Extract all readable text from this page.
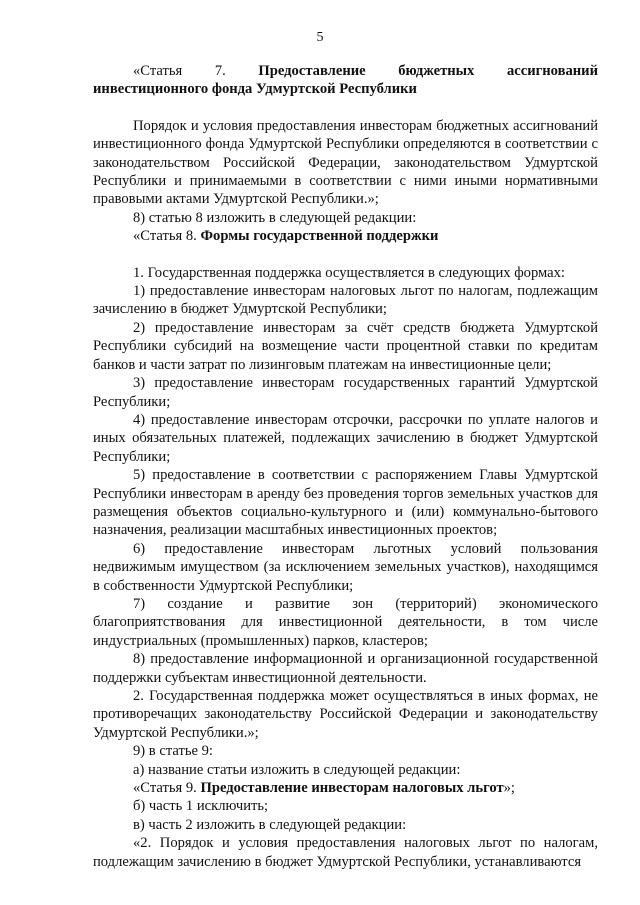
5

«Статья 7. Предоставление бюджетных ассигнований инвестиционного фонда Удмуртской Республики

Порядок и условия предоставления инвесторам бюджетных ассигнований инвестиционного фонда Удмуртской Республики определяются в соответствии с законодательством Российской Федерации, законодательством Удмуртской Республики и принимаемыми в соответствии с ними иными нормативными правовыми актами Удмуртской Республики.»;

8) статью 8 изложить в следующей редакции:

«Статья 8. Формы государственной поддержки

1. Государственная поддержка осуществляется в следующих формах:

1) предоставление инвесторам налоговых льгот по налогам, подлежащим зачислению в бюджет Удмуртской Республики;

2) предоставление инвесторам за счёт средств бюджета Удмуртской Республики субсидий на возмещение части процентной ставки по кредитам банков и части затрат по лизинговым платежам на инвестиционные цели;

3) предоставление инвесторам государственных гарантий Удмуртской Республики;

4) предоставление инвесторам отсрочки, рассрочки по уплате налогов и иных обязательных платежей, подлежащих зачислению в бюджет Удмуртской Республики;

5) предоставление в соответствии с распоряжением Главы Удмуртской Республики инвесторам в аренду без проведения торгов земельных участков для размещения объектов социально-культурного и (или) коммунально-бытового назначения, реализации масштабных инвестиционных проектов;

6) предоставление инвесторам льготных условий пользования недвижимым имуществом (за исключением земельных участков), находящимся в собственности Удмуртской Республики;

7) создание и развитие зон (территорий) экономического благоприятствования для инвестиционной деятельности, в том числе индустриальных (промышленных) парков, кластеров;

8) предоставление информационной и организационной государственной поддержки субъектам инвестиционной деятельности.

2. Государственная поддержка может осуществляться в иных формах, не противоречащих законодательству Российской Федерации и законодательству Удмуртской Республики.»;

9) в статье 9:

а) название статьи изложить в следующей редакции:

«Статья 9. Предоставление инвесторам налоговых льгот»;

б) часть 1 исключить;

в) часть 2 изложить в следующей редакции:

«2. Порядок и условия предоставления налоговых льгот по налогам, подлежащим зачислению в бюджет Удмуртской Республики, устанавливаются
